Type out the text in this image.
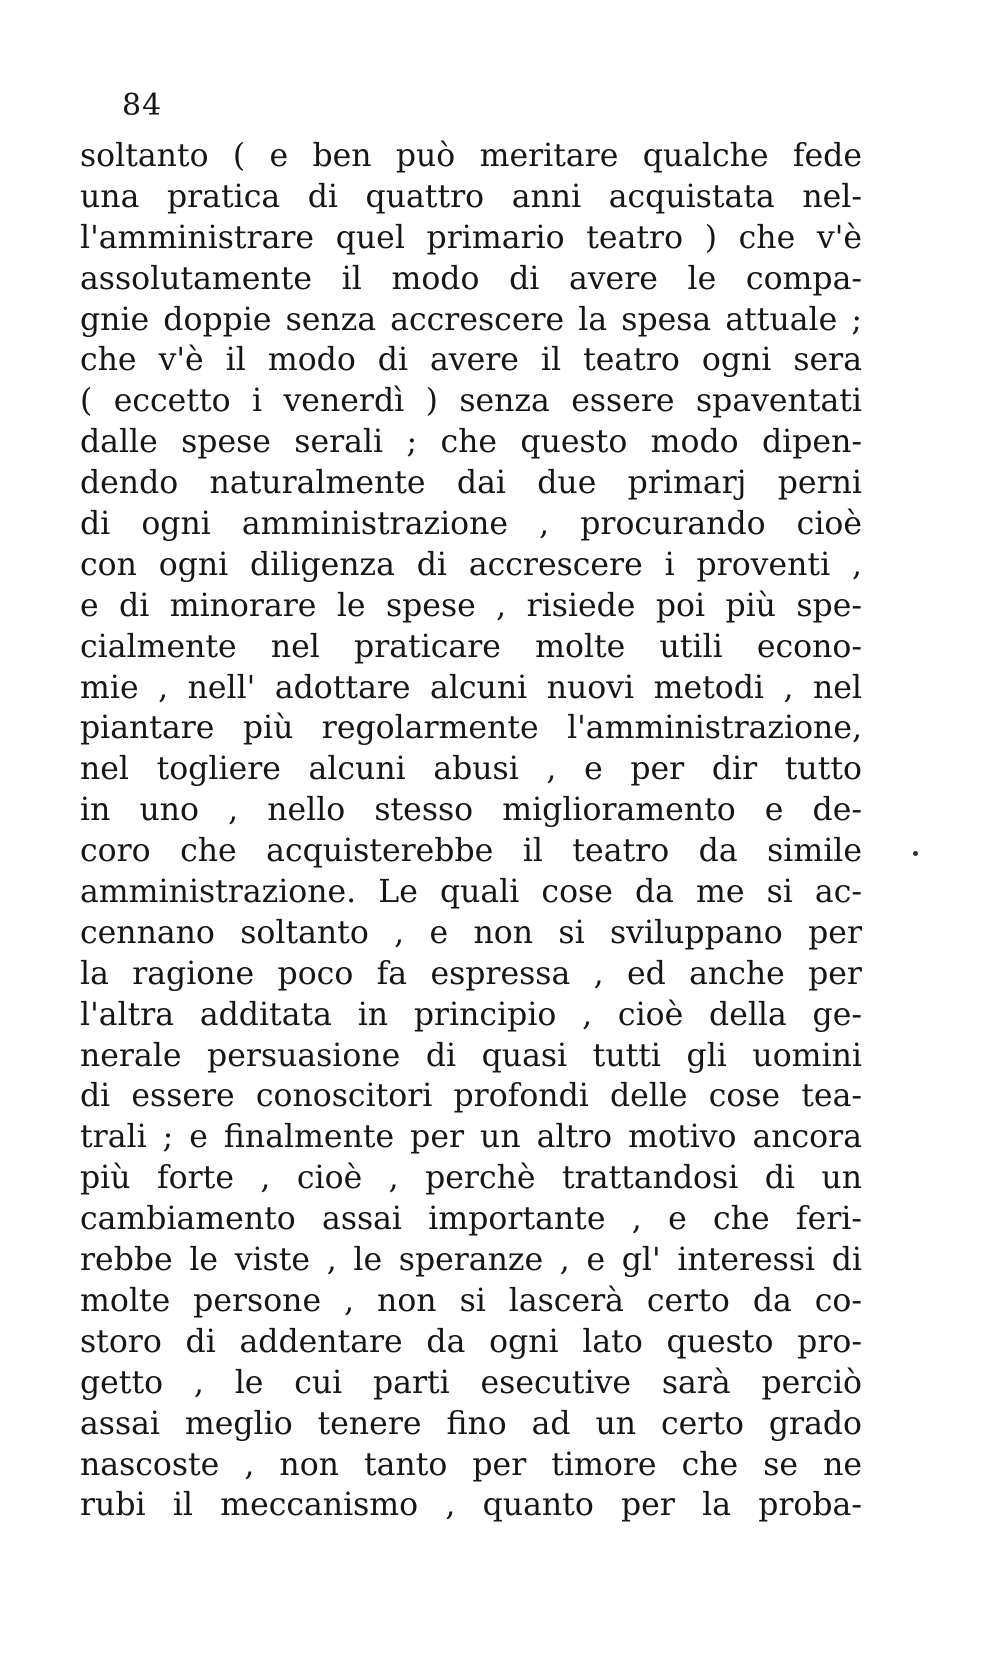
84
soltanto ( e ben può meritare qualche fede
una pratica di quattro anni acquistata nel-
l'amministrare quel primario teatro ) che v'è
assolutamente il modo di avere le compa-
gnie doppie senza accrescere la spesa attuale ;
che v'è il modo di avere il teatro ogni sera
( eccetto i venerdì ) senza essere spaventati
dalle spese serali ; che questo modo dipen-
dendo naturalmente dai due primarj perni
di ogni amministrazione , procurando cioè
con ogni diligenza di accrescere i proventi ,
e di minorare le spese , risiede poi più spe-
cialmente nel praticare molte utili econo-
mie , nell' adottare alcuni nuovi metodi , nel
piantare più regolarmente l'amministrazione,
nel togliere alcuni abusi , e per dir tutto
in uno , nello stesso miglioramento e de-
coro che acquisterebbe il teatro da simile
amministrazione. Le quali cose da me si ac-
cennano soltanto , e non si sviluppano per
la ragione poco fa espressa , ed anche per
l'altra additata in principio , cioè della ge-
nerale persuasione di quasi tutti gli uomini
di essere conoscitori profondi delle cose tea-
trali ; e finalmente per un altro motivo ancora
più forte , cioè , perchè trattandosi di un
cambiamento assai importante , e che feri-
rebbe le viste , le speranze , e gl' interessi di
molte persone , non si lascerà certo da co-
storo di addentare da ogni lato questo pro-
getto , le cui parti esecutive sarà perciò
assai meglio tenere fino ad un certo grado
nascoste , non tanto per timore che se ne
rubi il meccanismo , quanto per la proba-
